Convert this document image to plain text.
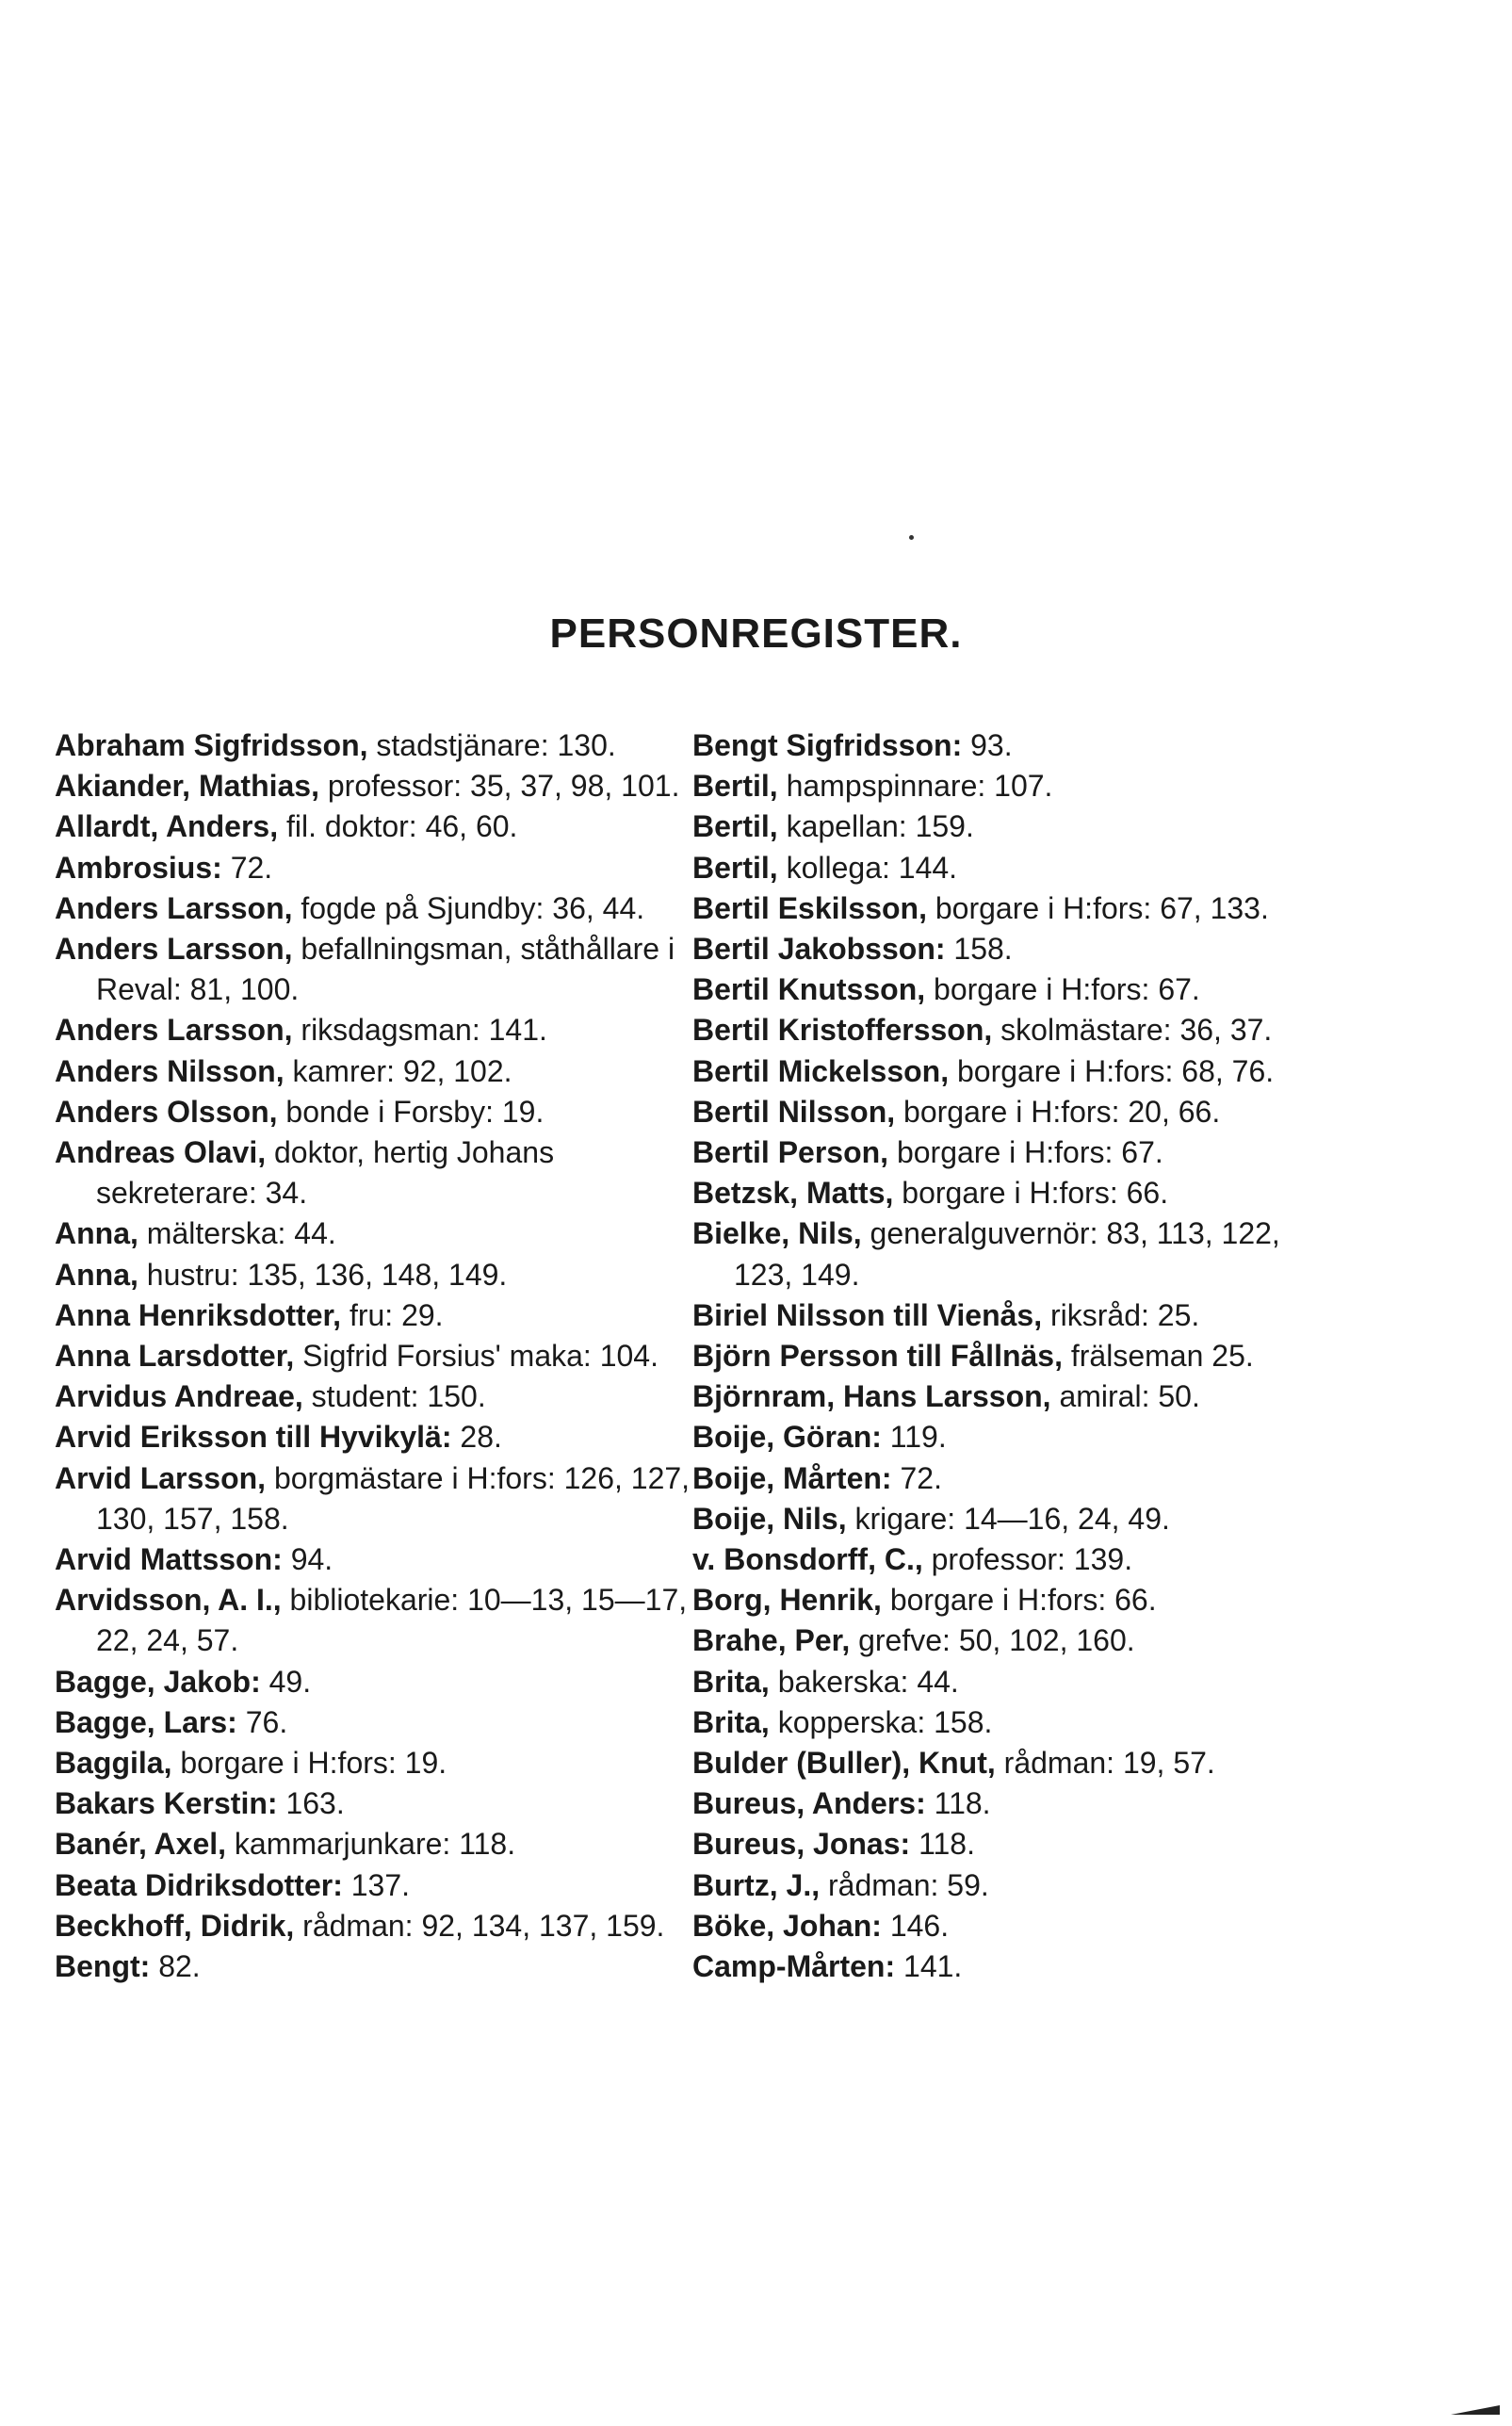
PERSONREGISTER.
Abraham Sigfridsson, stadstjänare: 130.
Akiander, Mathias, professor: 35, 37, 98, 101.
Allardt, Anders, fil. doktor: 46, 60.
Ambrosius: 72.
Anders Larsson, fogde på Sjundby: 36, 44.
Anders Larsson, befallningsman, ståthållare i Reval: 81, 100.
Anders Larsson, riksdagsman: 141.
Anders Nilsson, kamrer: 92, 102.
Anders Olsson, bonde i Forsby: 19.
Andreas Olavi, doktor, hertig Johans sekreterare: 34.
Anna, mälterska: 44.
Anna, hustru: 135, 136, 148, 149.
Anna Henriksdotter, fru: 29.
Anna Larsdotter, Sigfrid Forsius' maka: 104.
Arvidus Andreae, student: 150.
Arvid Eriksson till Hyvikylä: 28.
Arvid Larsson, borgmästare i H:fors: 126, 127, 130, 157, 158.
Arvid Mattsson: 94.
Arvidsson, A. I., bibliotekarie: 10—13, 15—17, 22, 24, 57.
Bagge, Jakob: 49.
Bagge, Lars: 76.
Baggila, borgare i H:fors: 19.
Bakars Kerstin: 163.
Banér, Axel, kammarjunkare: 118.
Beata Didriksdotter: 137.
Beckhoff, Didrik, rådman: 92, 134, 137, 159.
Bengt: 82.
Bengt Sigfridsson: 93.
Bertil, hampspinnare: 107.
Bertil, kapellan: 159.
Bertil, kollega: 144.
Bertil Eskilsson, borgare i H:fors: 67, 133.
Bertil Jakobsson: 158.
Bertil Knutsson, borgare i H:fors: 67.
Bertil Kristoffersson, skolmästare: 36, 37.
Bertil Mickelsson, borgare i H:fors: 68, 76.
Bertil Nilsson, borgare i H:fors: 20, 66.
Bertil Person, borgare i H:fors: 67.
Betzsk, Matts, borgare i H:fors: 66.
Bielke, Nils, generalguvernör: 83, 113, 122, 123, 149.
Biriel Nilsson till Vienås, riksråd: 25.
Björn Persson till Fållnäs, frälseman 25.
Björnram, Hans Larsson, amiral: 50.
Boije, Göran: 119.
Boije, Mårten: 72.
Boije, Nils, krigare: 14—16, 24, 49.
v. Bonsdorff, C., professor: 139.
Borg, Henrik, borgare i H:fors: 66.
Brahe, Per, grefve: 50, 102, 160.
Brita, bakerska: 44.
Brita, kopperska: 158.
Bulder (Buller), Knut, rådman: 19, 57.
Bureus, Anders: 118.
Bureus, Jonas: 118.
Burtz, J., rådman: 59.
Böke, Johan: 146.
Camp-Mårten: 141.
